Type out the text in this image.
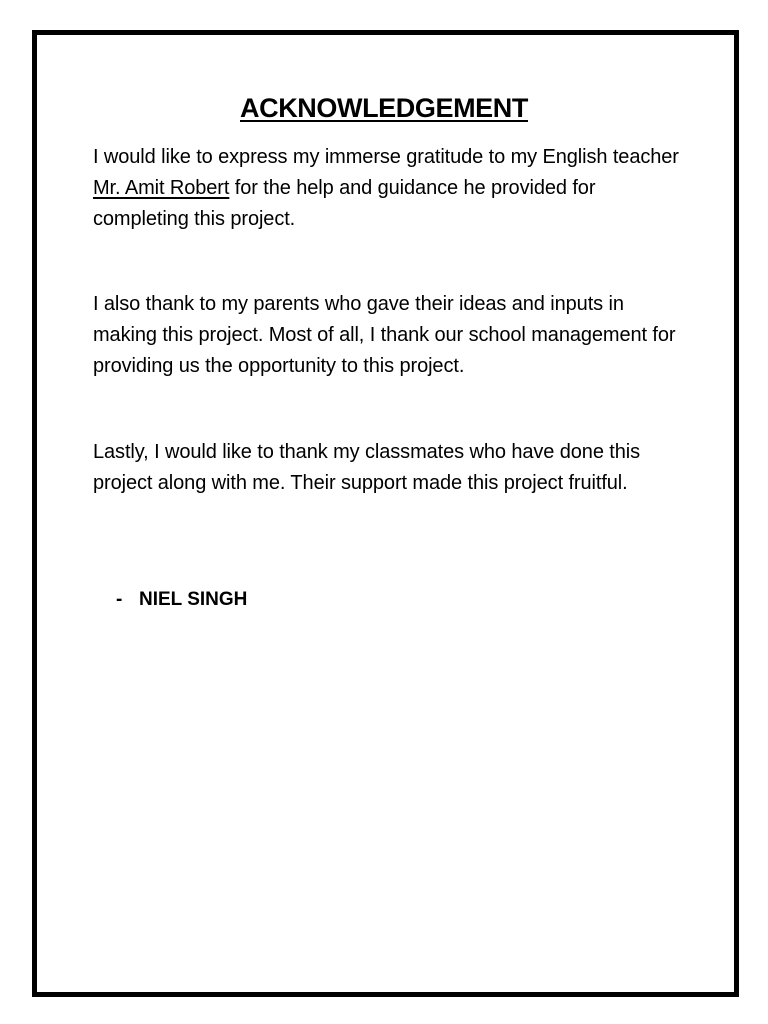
ACKNOWLEDGEMENT

I would like to express my immerse gratitude to my English teacher Mr. Amit Robert for the help and guidance he provided for completing this project.

I also thank to my parents who gave their ideas and inputs in making this project. Most of all, I thank our school management for providing us the opportunity to this project.

Lastly, I would like to thank my classmates who have done this project along with me. Their support made this project fruitful.

- NIEL SINGH
